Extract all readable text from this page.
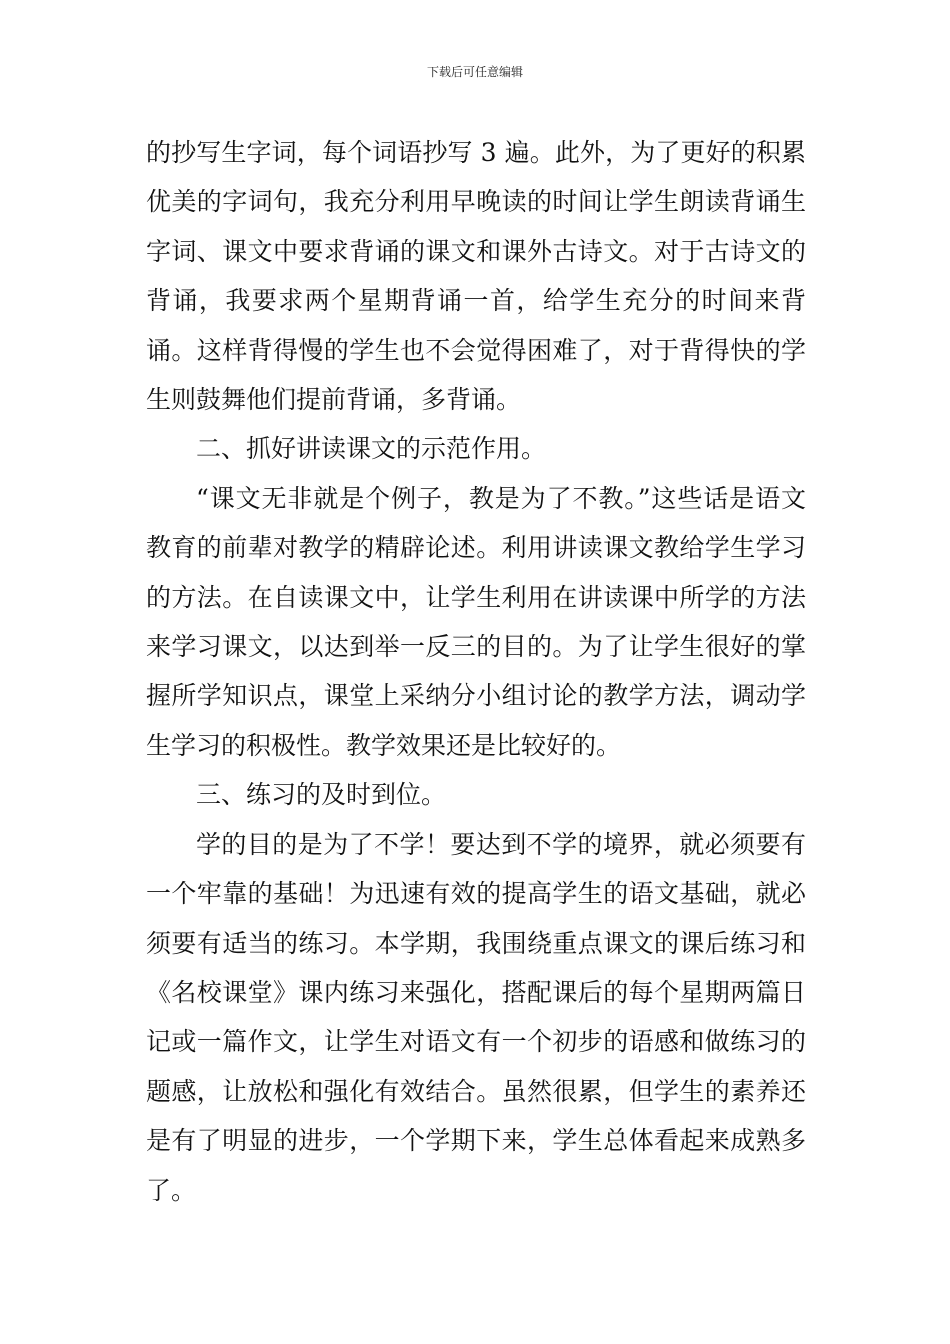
下载后可任意编辑

的抄写生字词，每个词语抄写 3 遍。此外，为了更好的积累优美的字词句，我充分利用早晚读的时间让学生朗读背诵生字词、课文中要求背诵的课文和课外古诗文。对于古诗文的背诵，我要求两个星期背诵一首，给学生充分的时间来背诵。这样背得慢的学生也不会觉得困难了，对于背得快的学生则鼓舞他们提前背诵，多背诵。

二、抓好讲读课文的示范作用。

“课文无非就是个例子，教是为了不教。”这些话是语文教育的前辈对教学的精辟论述。利用讲读课文教给学生学习的方法。在自读课文中，让学生利用在讲读课中所学的方法来学习课文，以达到举一反三的目的。为了让学生很好的掌握所学知识点，课堂上采纳分小组讨论的教学方法，调动学生学习的积极性。教学效果还是比较好的。

三、练习的及时到位。

学的目的是为了不学！要达到不学的境界，就必须要有一个牢靠的基础！为迅速有效的提高学生的语文基础，就必须要有适当的练习。本学期，我围绕重点课文的课后练习和《名校课堂》课内练习来强化，搭配课后的每个星期两篇日记或一篇作文，让学生对语文有一个初步的语感和做练习的题感，让放松和强化有效结合。虽然很累，但学生的素养还是有了明显的进步，一个学期下来，学生总体看起来成熟多了。
